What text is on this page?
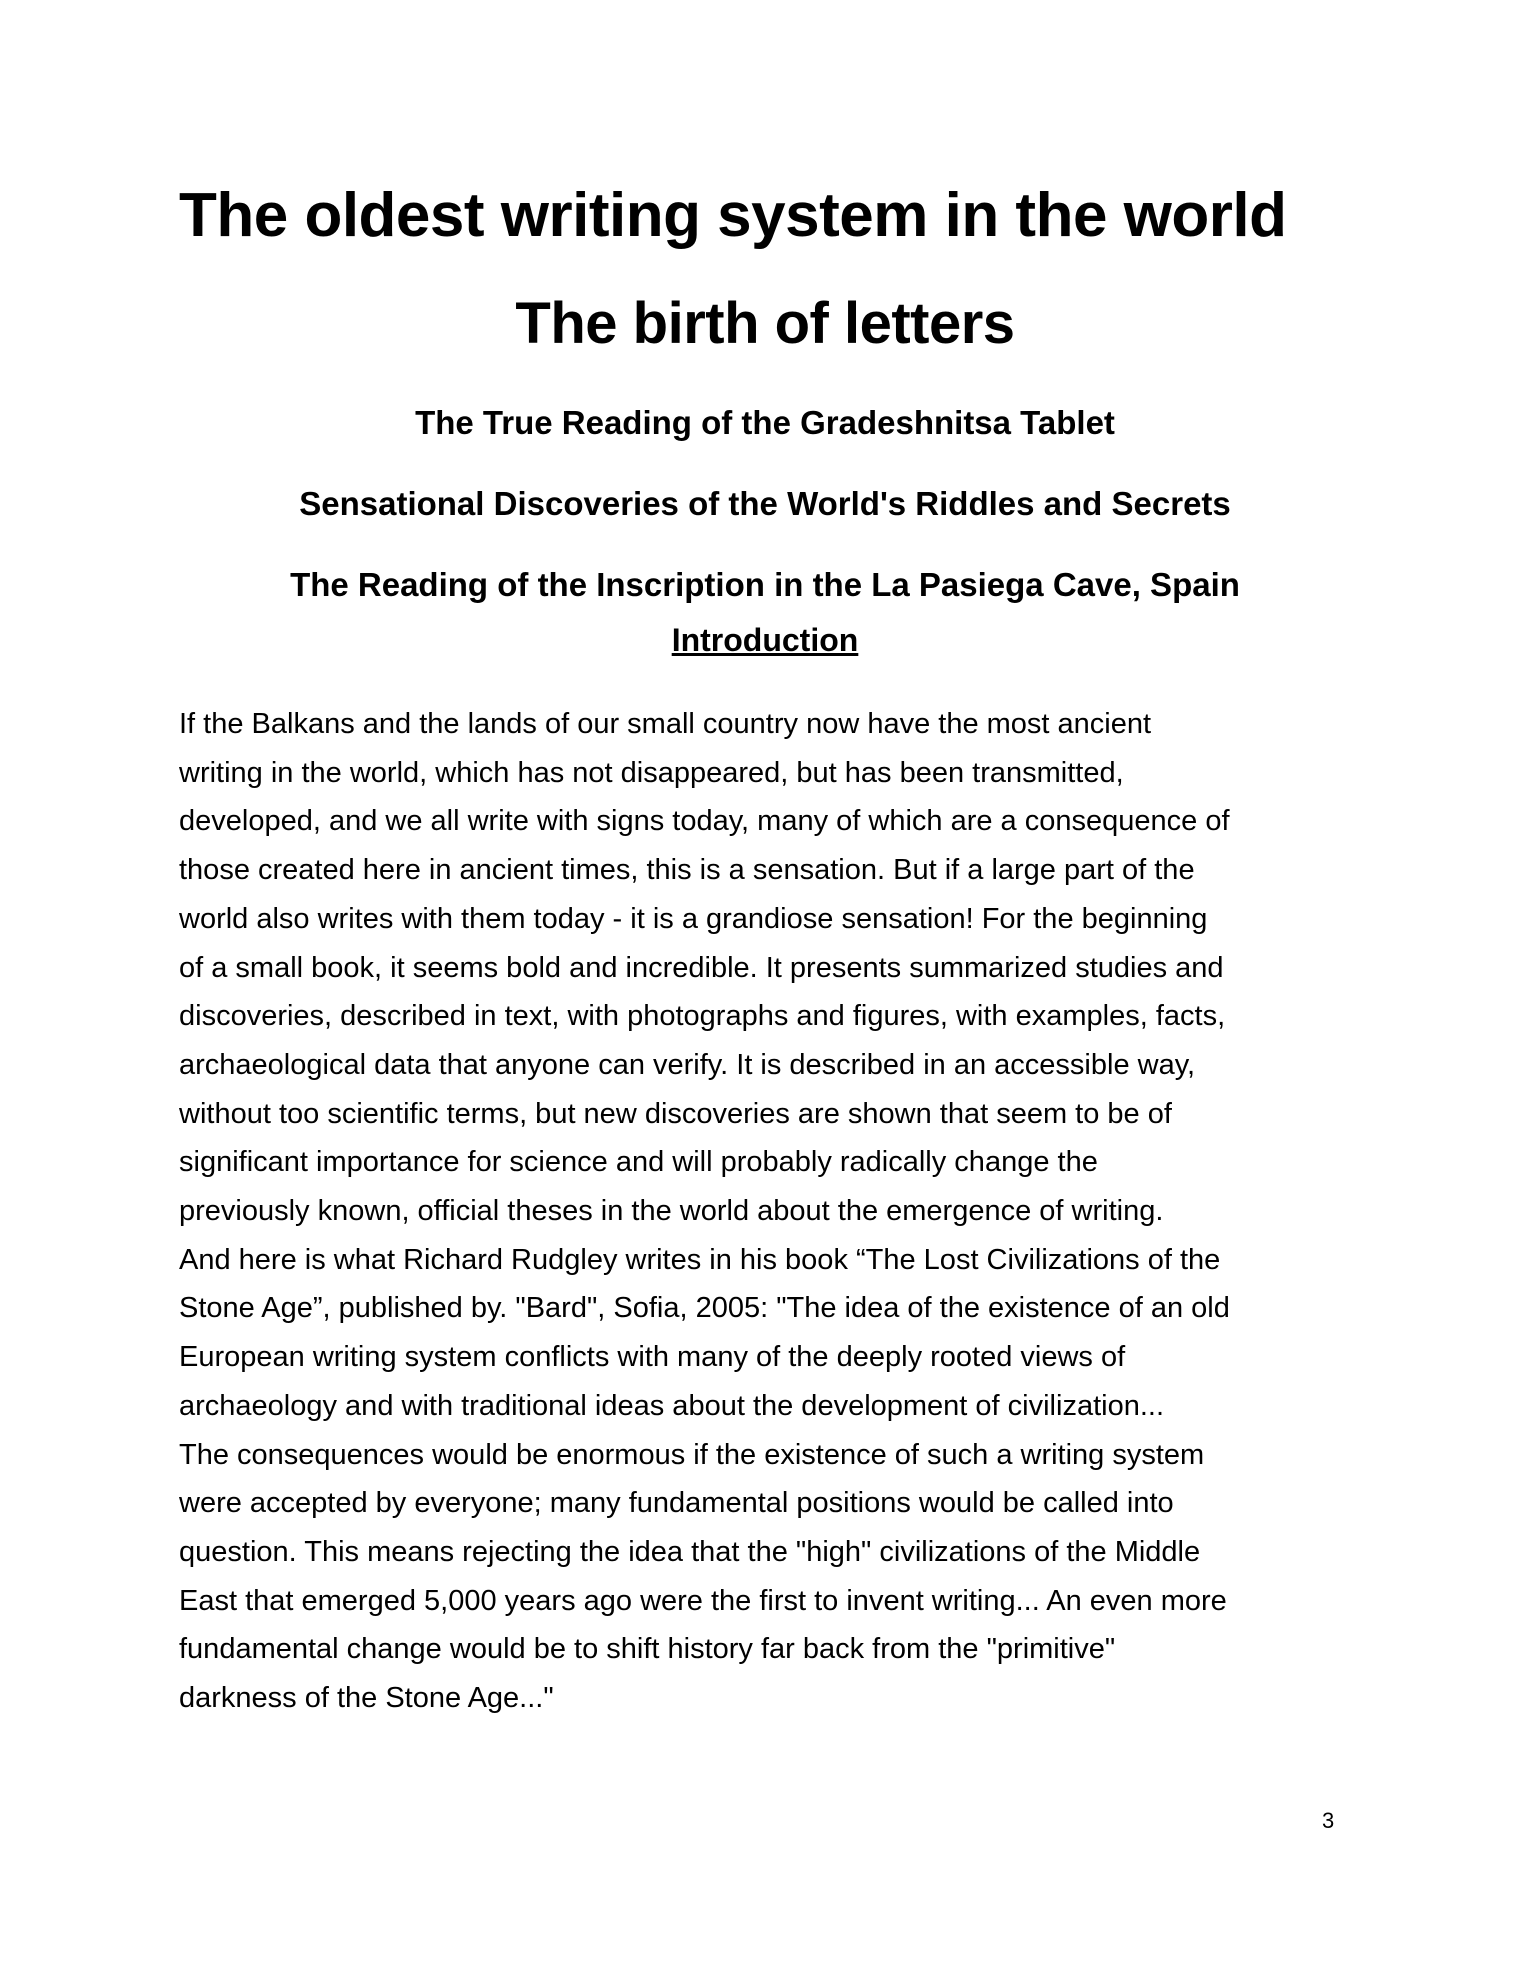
The oldest writing system in the world
The birth of letters
The True Reading of the Gradeshnitsa Tablet
Sensational Discoveries of the World's Riddles and Secrets
The Reading of the Inscription in the La Pasiega Cave, Spain
Introduction
If the Balkans and the lands of our small country now have the most ancient
writing in the world, which has not disappeared, but has been transmitted,
developed, and we all write with signs today, many of which are a consequence of
those created here in ancient times, this is a sensation. But if a large part of the
world also writes with them today - it is a grandiose sensation! For the beginning
of a small book, it seems bold and incredible. It presents summarized studies and
discoveries, described in text, with photographs and figures, with examples, facts,
archaeological data that anyone can verify. It is described in an accessible way,
without too scientific terms, but new discoveries are shown that seem to be of
significant importance for science and will probably radically change the
previously known, official theses in the world about the emergence of writing.
And here is what Richard Rudgley writes in his book “The Lost Civilizations of the
Stone Age”, published by. "Bard", Sofia, 2005: "The idea of the existence of an old
European writing system conflicts with many of the deeply rooted views of
archaeology and with traditional ideas about the development of civilization...
The consequences would be enormous if the existence of such a writing system
were accepted by everyone; many fundamental positions would be called into
question. This means rejecting the idea that the "high" civilizations of the Middle
East that emerged 5,000 years ago were the first to invent writing... An even more
fundamental change would be to shift history far back from the "primitive"
darkness of the Stone Age..."
3
